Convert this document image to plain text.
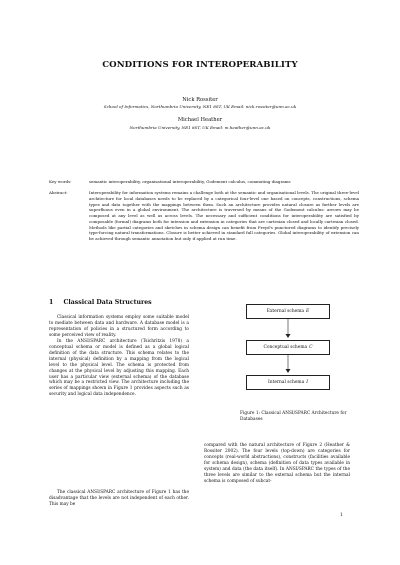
CONDITIONS FOR INTEROPERABILITY
Nick Rossiter
School of Informatics, Northumbria University, NE1 8ST, UK Email: nick.rossiter@unn.ac.uk
Michael Heather
Northumbria University, NE1 8ST, UK Email: m.heather@unn.ac.uk
Key words:	semantic interoperability, organisational interoperability, Godement calculus, commuting diagrams
Abstract:	Interoperability for information systems remains a challenge both at the semantic and organisational levels. The original three-level architecture for local databases needs to be replaced by a categorical four-level one based on concepts, constructions, schema types and data together with the mappings between them. Such an architecture provides natural closure as further levels are superfluous even in a global environment. The architecture is traversed by means of the Godement calculus: arrows may be composed at any level as well as across levels. The necessary and sufficient conditions for interoperability are satisfied by composable (formal) diagrams both for intension and extension in categories that are cartesian closed and locally cartesian closed. Methods like partial categories and sketches in schema design can benefit from Freyd's punctured diagrams to identify precisely type-forcing natural transformations. Closure is better achieved in standard full categories. Global interoperability of extension can be achieved through semantic annotation but only if applied at run time.
1 Classical Data Structures

Classical information systems employ some suitable model to mediate between data and hardware. A database model is a representation of policies in a structured form according to some perceived view of reality.

In the ANSI/SPARC architecture (Tsichritzis 1978) a conceptual schema or model is defined as a global logical definition of the data structure. This schema relates to the internal (physical) definition by a mapping from the logical level to the physical level. The schema is protected from changes at the physical level by adjusting this mapping. Each user has a particular view (external schema) of the database which may be a restricted view. The architecture including the series of mappings shown in Figure 1 provides aspects such as security and logical data independence.

The classical ANSI/SPARC architecture of Figure 1 has the disadvantage that the levels are not independent of each other. This may be
External schema E
Conceptual schema C
Internal schema I
Figure 1: Classical ANSI/SPARC Architecture for Databases
compared with the natural architecture of Figure 2 (Heather & Rossiter 2002). The four levels (top-down) are categories for concepts (real-world abstractions), constructs (facilities available for schema design), schema (definition of data types available in system) and data (the data itself). In ANSI/SPARC the types of the three levels are similar to the external schema but the internal schema is composed of subcat-
1
